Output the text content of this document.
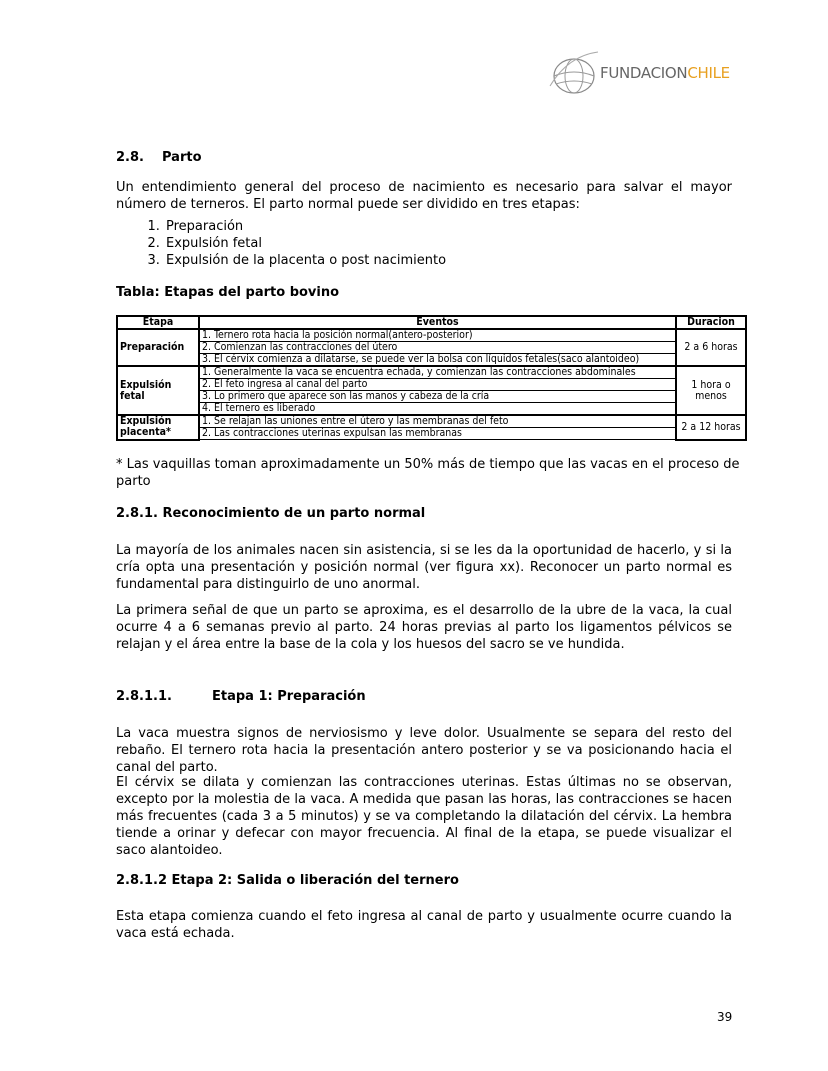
FUNDACIONCHILE
2.8. Parto
Un entendimiento general del proceso de nacimiento es necesario para salvar el mayor número de terneros. El parto normal puede ser dividido en tres etapas:
1. Preparación
2. Expulsión fetal
3. Expulsión de la placenta o post nacimiento
Tabla: Etapas del parto bovino
Etapa	Eventos	Duracion
Preparación	1. Ternero rota hacia la posición normal(antero-posterior)	2 a 6 horas
	2. Comienzan las contracciones del útero	
	3. El cérvix comienza a dilatarse, se puede ver la bolsa con líquidos fetales(saco alantoideo)	
Expulsión fetal	1. Generalmente la vaca se encuentra echada, y comienzan las contracciones abdominales	1 hora o menos
	2. El feto ingresa al canal del parto	
	3. Lo primero que aparece son las manos y cabeza de la cría	
	4. El ternero es liberado	
Expulsión placenta*	1. Se relajan las uniones entre el útero y las membranas del feto	2 a 12 horas
	2. Las contracciones uterinas expulsan las membranas	
* Las vaquillas toman aproximadamente un 50% más de tiempo que las vacas en el proceso de parto
2.8.1. Reconocimiento de un parto normal
La mayoría de los animales nacen sin asistencia, si se les da la oportunidad de hacerlo, y si la cría opta una presentación y posición normal (ver figura xx). Reconocer un parto normal es fundamental para distinguirlo de uno anormal.
La primera señal de que un parto se aproxima, es el desarrollo de la ubre de la vaca, la cual ocurre 4 a 6 semanas previo al parto. 24 horas previas al parto los ligamentos pélvicos se relajan y el área entre la base de la cola y los huesos del sacro se ve hundida.
2.8.1.1.	Etapa 1: Preparación
La vaca muestra signos de nerviosismo y leve dolor. Usualmente se separa del resto del rebaño. El ternero rota hacia la presentación antero posterior y se va posicionando hacia el canal del parto.
El cérvix se dilata y comienzan las contracciones uterinas. Estas últimas no se observan, excepto por la molestia de la vaca. A medida que pasan las horas, las contracciones se hacen más frecuentes (cada 3 a 5 minutos) y se va completando la dilatación del cérvix. La hembra tiende a orinar y defecar con mayor frecuencia. Al final de la etapa, se puede visualizar el saco alantoideo.
2.8.1.2 Etapa 2: Salida o liberación del ternero
Esta etapa comienza cuando el feto ingresa al canal de parto y usualmente ocurre cuando la vaca está echada.
39
